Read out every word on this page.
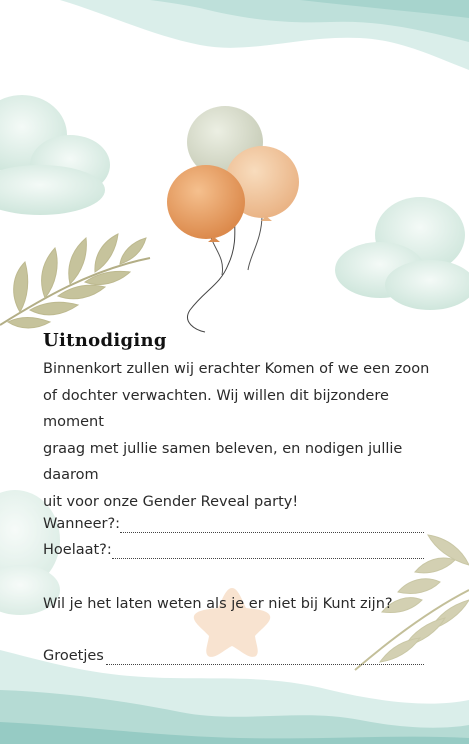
Uitnodiging
Binnenkort zullen wij erachter Komen of we een zoon
of dochter verwachten. Wij willen dit bijzondere moment
graag met jullie samen beleven, en nodigen jullie daarom
uit voor onze Gender Reveal party!
Wanneer?:
Hoelaat?:
Wil je het laten weten als je er niet bij Kunt zijn?
Groetjes
